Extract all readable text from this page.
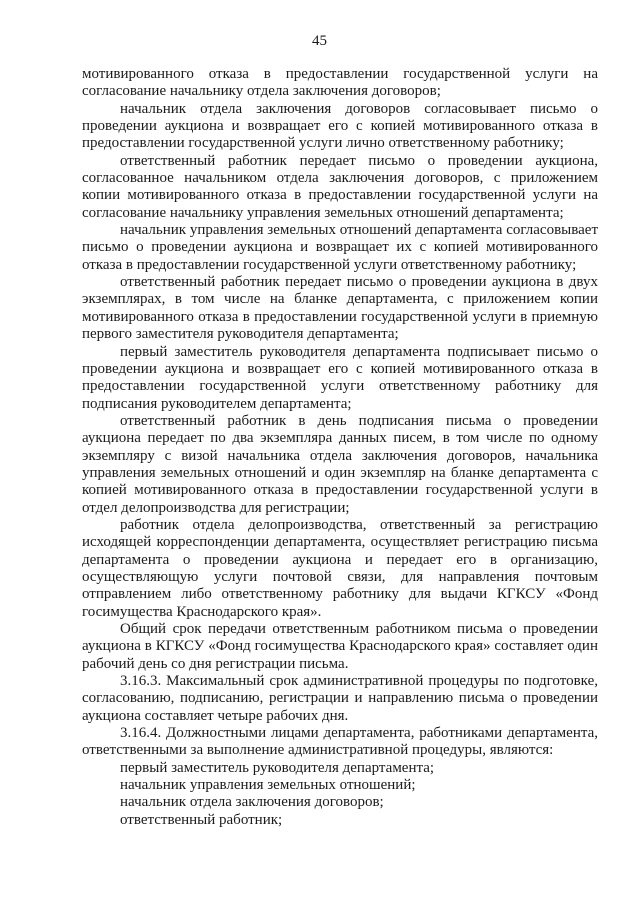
45

мотивированного отказа в предоставлении государственной услуги на согласование начальнику отдела заключения договоров;

начальник отдела заключения договоров согласовывает письмо о проведении аукциона и возвращает его с копией мотивированного отказа в предоставлении государственной услуги лично ответственному работнику;

ответственный работник передает письмо о проведении аукциона, согласованное начальником отдела заключения договоров, с приложением копии мотивированного отказа в предоставлении государственной услуги на согласование начальнику управления земельных отношений департамента;

начальник управления земельных отношений департамента согласовывает письмо о проведении аукциона и возвращает их с копией мотивированного отказа в предоставлении государственной услуги ответственному работнику;

ответственный работник передает письмо о проведении аукциона в двух экземплярах, в том числе на бланке департамента, с приложением копии мотивированного отказа в предоставлении государственной услуги в приемную первого заместителя руководителя департамента;

первый заместитель руководителя департамента подписывает письмо о проведении аукциона и возвращает его с копией мотивированного отказа в предоставлении государственной услуги ответственному работнику для подписания руководителем департамента;

ответственный работник в день подписания письма о проведении аукциона передает по два экземпляра данных писем, в том числе по одному экземпляру с визой начальника отдела заключения договоров, начальника управления земельных отношений и один экземпляр на бланке департамента с копией мотивированного отказа в предоставлении государственной услуги в отдел делопроизводства для регистрации;

работник отдела делопроизводства, ответственный за регистрацию исходящей корреспонденции департамента, осуществляет регистрацию письма департамента о проведении аукциона и передает его в организацию, осуществляющую услуги почтовой связи, для направления почтовым отправлением либо ответственному работнику для выдачи КГКСУ «Фонд госимущества Краснодарского края».

Общий срок передачи ответственным работником письма о проведении аукциона в КГКСУ «Фонд госимущества Краснодарского края» составляет один рабочий день со дня регистрации письма.

3.16.3. Максимальный срок административной процедуры по подготовке, согласованию, подписанию, регистрации и направлению письма о проведении аукциона составляет четыре рабочих дня.

3.16.4. Должностными лицами департамента, работниками департамента, ответственными за выполнение административной процедуры, являются:

первый заместитель руководителя департамента;

начальник управления земельных отношений;

начальник отдела заключения договоров;

ответственный работник;
